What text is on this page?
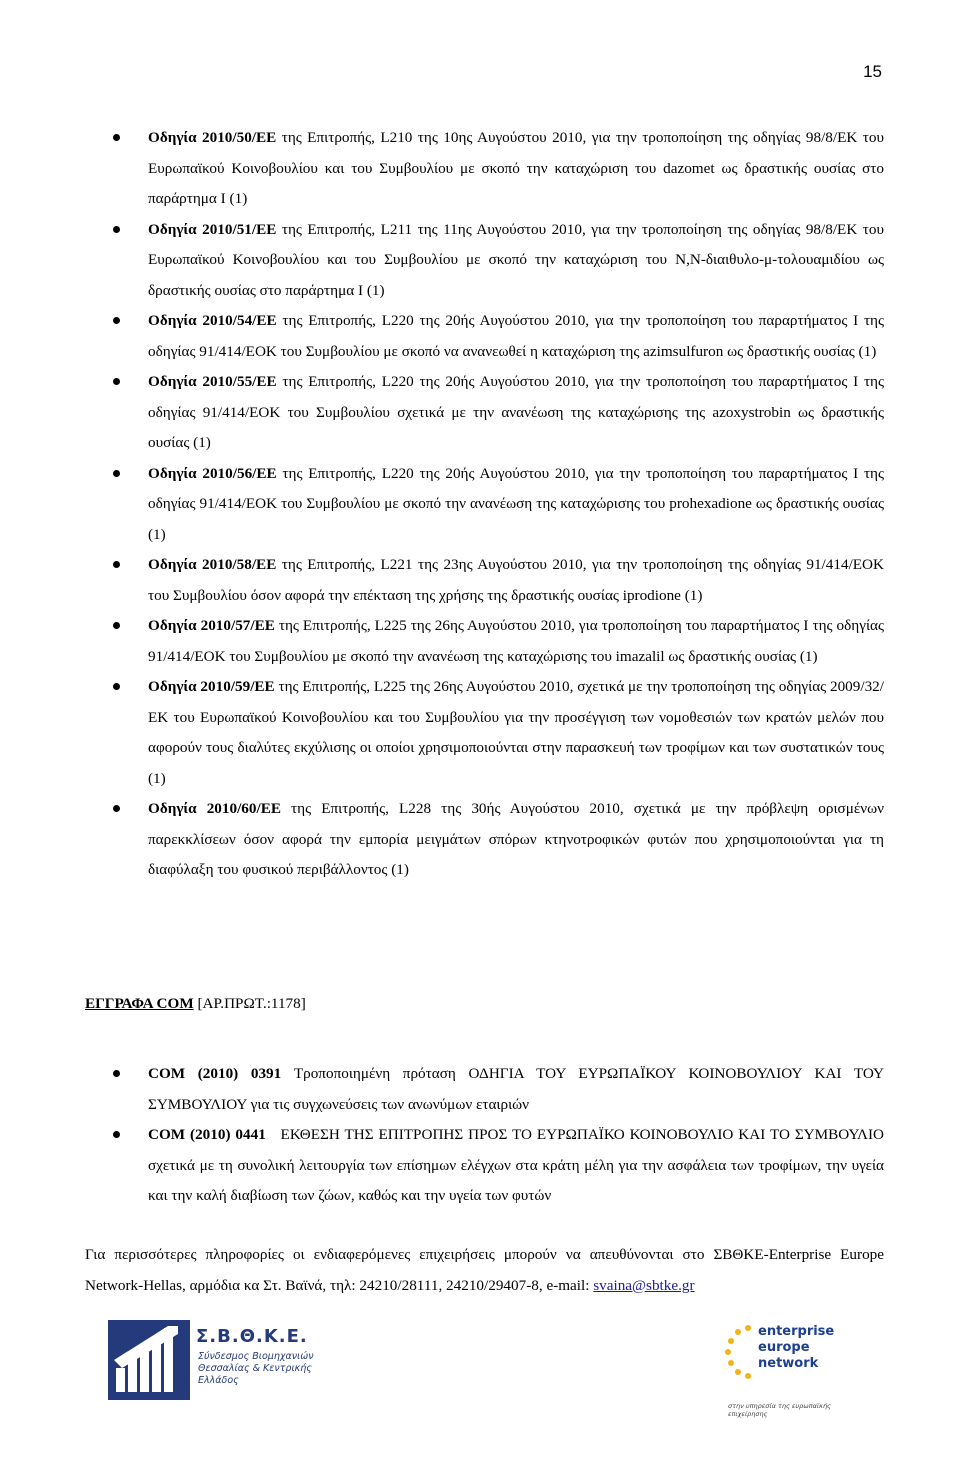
15
Οδηγία 2010/50/ΕΕ της Επιτροπής, L210 της 10ης Αυγούστου 2010, για την τροποποίηση της οδηγίας 98/8/ΕΚ του Ευρωπαϊκού Κοινοβουλίου και του Συμβουλίου με σκοπό την καταχώριση του dazomet ως δραστικής ουσίας στο παράρτημα Ι (1)
Οδηγία 2010/51/ΕΕ της Επιτροπής, L211 της 11ης Αυγούστου 2010, για την τροποποίηση της οδηγίας 98/8/ΕΚ του Ευρωπαϊκού Κοινοβουλίου και του Συμβουλίου με σκοπό την καταχώριση του N,N-διαιθυλο-μ-τολουαμιδίου ως δραστικής ουσίας στο παράρτημα Ι (1)
Οδηγία 2010/54/ΕΕ της Επιτροπής, L220 της 20ής Αυγούστου 2010, για την τροποποίηση του παραρτήματος I της οδηγίας 91/414/ΕΟΚ του Συμβουλίου με σκοπό να ανανεωθεί η καταχώριση της azimsulfuron ως δραστικής ουσίας (1)
Οδηγία 2010/55/ΕΕ της Επιτροπής, L220 της 20ής Αυγούστου 2010, για την τροποποίηση του παραρτήματος I της οδηγίας 91/414/ΕΟΚ του Συμβουλίου σχετικά με την ανανέωση της καταχώρισης της azoxystrobin ως δραστικής ουσίας (1)
Οδηγία 2010/56/ΕΕ της Επιτροπής, L220 της 20ής Αυγούστου 2010, για την τροποποίηση του παραρτήματος I της οδηγίας 91/414/ΕΟΚ του Συμβουλίου με σκοπό την ανανέωση της καταχώρισης του prohexadione ως δραστικής ουσίας (1)
Οδηγία 2010/58/ΕΕ της Επιτροπής, L221 της 23ης Αυγούστου 2010, για την τροποποίηση της οδηγίας 91/414/ΕΟΚ του Συμβουλίου όσον αφορά την επέκταση της χρήσης της δραστικής ουσίας iprodione (1)
Οδηγία 2010/57/ΕΕ της Επιτροπής, L225 της 26ης Αυγούστου 2010, για τροποποίηση του παραρτήματος I της οδηγίας 91/414/ΕΟΚ του Συμβουλίου με σκοπό την ανανέωση της καταχώρισης του imazalil ως δραστικής ουσίας (1)
Οδηγία 2010/59/ΕΕ της Επιτροπής, L225 της 26ης Αυγούστου 2010, σχετικά με την τροποποίηση της οδηγίας 2009/32/ΕΚ του Ευρωπαϊκού Κοινοβουλίου και του Συμβουλίου για την προσέγγιση των νομοθεσιών των κρατών μελών που αφορούν τους διαλύτες εκχύλισης οι οποίοι χρησιμοποιούνται στην παρασκευή των τροφίμων και των συστατικών τους (1)
Οδηγία 2010/60/ΕΕ της Επιτροπής, L228 της 30ής Αυγούστου 2010, σχετικά με την πρόβλεψη ορισμένων παρεκκλίσεων όσον αφορά την εμπορία μειγμάτων σπόρων κτηνοτροφικών φυτών που χρησιμοποιούνται για τη διαφύλαξη του φυσικού περιβάλλοντος (1)
ΕΓΓΡΑΦΑ COM [ΑΡ.ΠΡΩΤ.:1178]
COM (2010) 0391 Τροποποιημένη πρόταση ΟΔΗΓΙΑ ΤΟΥ ΕΥΡΩΠΑΪΚΟΥ ΚΟΙΝΟΒΟΥΛΙΟΥ ΚΑΙ ΤΟΥ ΣΥΜΒΟΥΛΙΟΥ για τις συγχωνεύσεις των ανωνύμων εταιριών
COM (2010) 0441   ΕΚΘΕΣΗ ΤΗΣ ΕΠΙΤΡΟΠΗΣ ΠΡΟΣ ΤΟ ΕΥΡΩΠΑΪΚΟ ΚΟΙΝΟΒΟΥΛΙΟ ΚΑΙ ΤΟ ΣΥΜΒΟΥΛΙΟ σχετικά με τη συνολική λειτουργία των επίσημων ελέγχων στα κράτη μέλη για την ασφάλεια των τροφίμων, την υγεία και την καλή διαβίωση των ζώων, καθώς και την υγεία των φυτών
Για περισσότερες πληροφορίες οι ενδιαφερόμενες επιχειρήσεις μπορούν να απευθύνονται στο ΣΒΘΚΕ-Enterprise Europe Network-Hellas, αρμόδια κα Στ. Βαϊνά, τηλ: 24210/28111, 24210/29407-8, e-mail: svaina@sbtke.gr
Σ.Β.Θ.Κ.Ε.
Σύνδεσμος Βιομηχανιών Θεσσαλίας & Κεντρικής Ελλάδος
enterprise
europe
network
στην υπηρεσία της ευρωπαϊκής επιχείρησης
